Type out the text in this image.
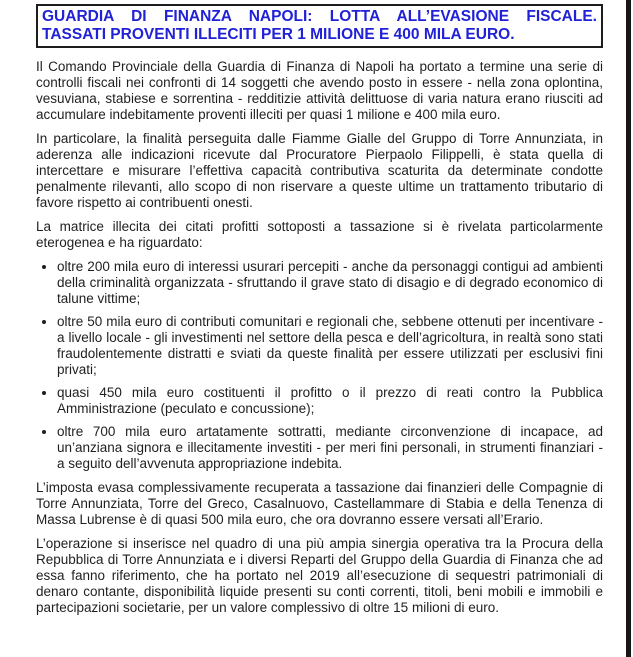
GUARDIA DI FINANZA NAPOLI: LOTTA ALL’EVASIONE FISCALE.
TASSATI PROVENTI ILLECITI PER 1 MILIONE E 400 MILA EURO.

Il Comando Provinciale della Guardia di Finanza di Napoli ha portato a termine una serie di controlli fiscali nei confronti di 14 soggetti che avendo posto in essere - nella zona oplontina, vesuviana, stabiese e sorrentina - redditizie attività delittuose di varia natura erano riusciti ad accumulare indebitamente proventi illeciti per quasi 1 milione e 400 mila euro.

In particolare, la finalità perseguita dalle Fiamme Gialle del Gruppo di Torre Annunziata, in aderenza alle indicazioni ricevute dal Procuratore Pierpaolo Filippelli, è stata quella di intercettare e misurare l’effettiva capacità contributiva scaturita da determinate condotte penalmente rilevanti, allo scopo di non riservare a queste ultime un trattamento tributario di favore rispetto ai contribuenti onesti.

La matrice illecita dei citati profitti sottoposti a tassazione si è rivelata particolarmente eterogenea e ha riguardato:

• oltre 200 mila euro di interessi usurari percepiti - anche da personaggi contigui ad ambienti della criminalità organizzata - sfruttando il grave stato di disagio e di degrado economico di talune vittime;
• oltre 50 mila euro di contributi comunitari e regionali che, sebbene ottenuti per incentivare - a livello locale - gli investimenti nel settore della pesca e dell’agricoltura, in realtà sono stati fraudolentemente distratti e sviati da queste finalità per essere utilizzati per esclusivi fini privati;
• quasi 450 mila euro costituenti il profitto o il prezzo di reati contro la Pubblica Amministrazione (peculato e concussione);
• oltre 700 mila euro artatamente sottratti, mediante circonvenzione di incapace, ad un’anziana signora e illecitamente investiti - per meri fini personali, in strumenti finanziari - a seguito dell’avvenuta appropriazione indebita.

L’imposta evasa complessivamente recuperata a tassazione dai finanzieri delle Compagnie di Torre Annunziata, Torre del Greco, Casalnuovo, Castellammare di Stabia e della Tenenza di Massa Lubrense è di quasi 500 mila euro, che ora dovranno essere versati all’Erario.

L’operazione si inserisce nel quadro di una più ampia sinergia operativa tra la Procura della Repubblica di Torre Annunziata e i diversi Reparti del Gruppo della Guardia di Finanza che ad essa fanno riferimento, che ha portato nel 2019 all’esecuzione di sequestri patrimoniali di denaro contante, disponibilità liquide presenti su conti correnti, titoli, beni mobili e immobili e partecipazioni societarie, per un valore complessivo di oltre 15 milioni di euro.
